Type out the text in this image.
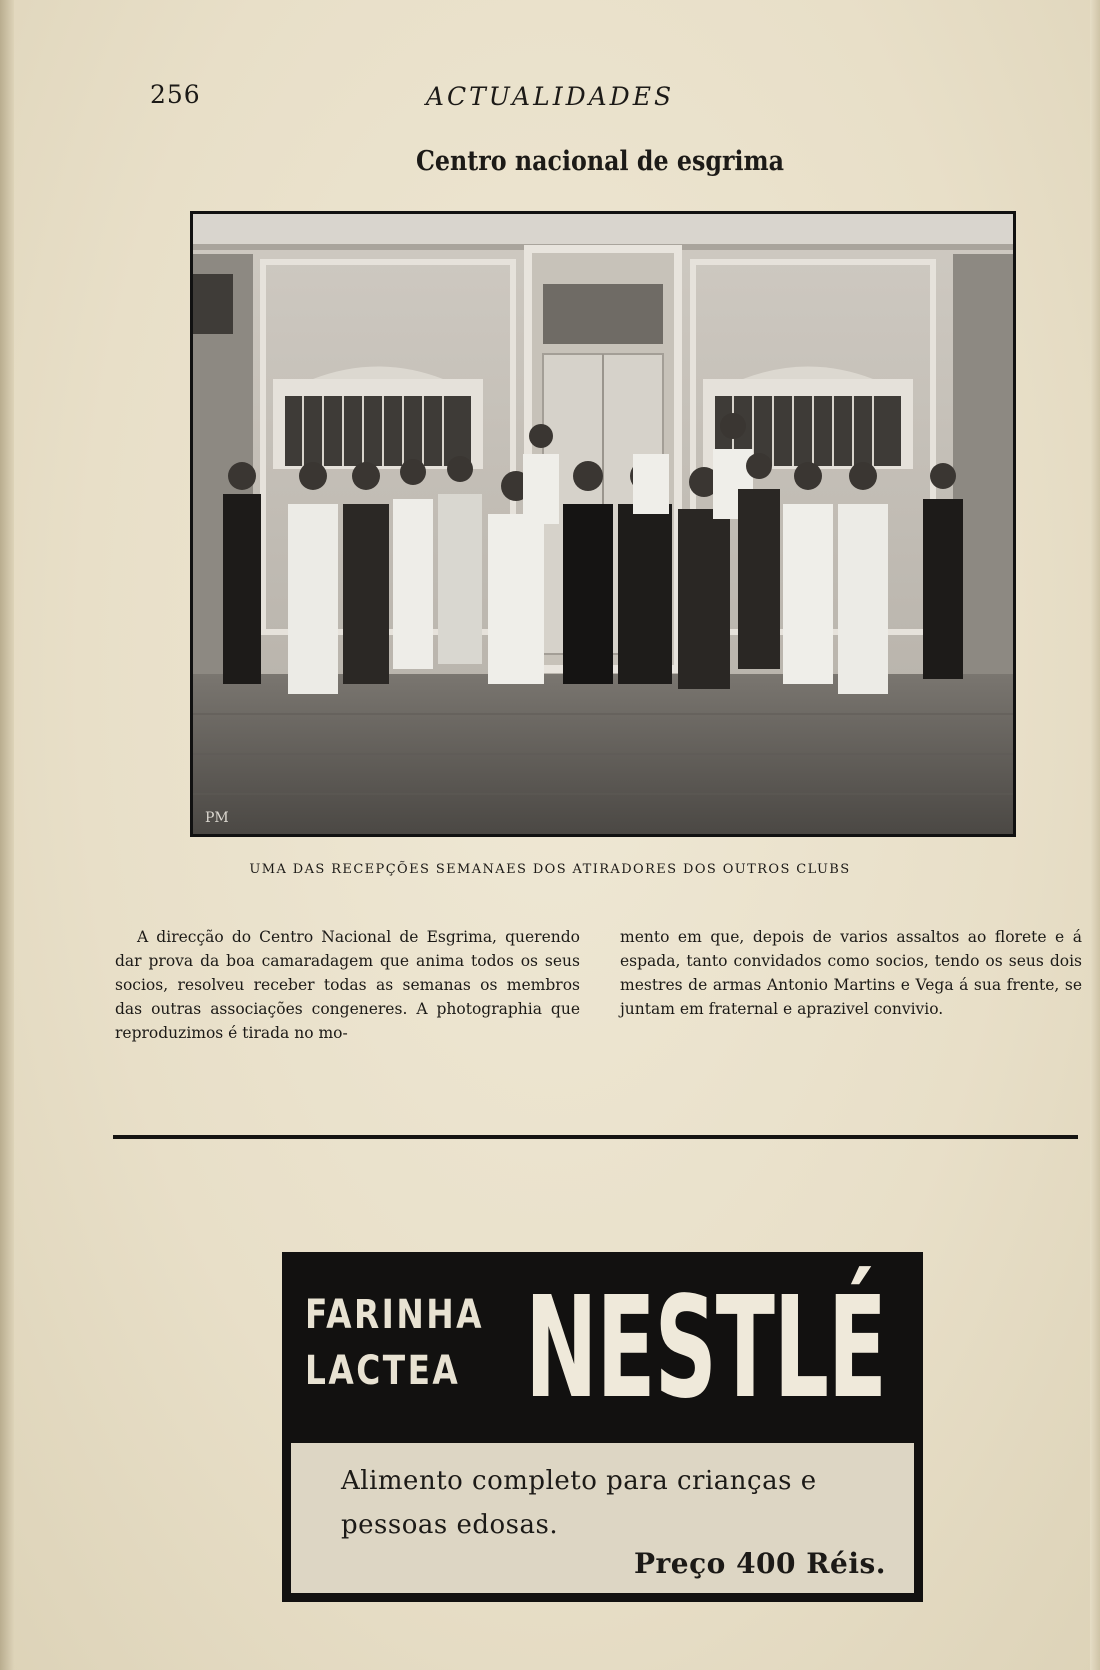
256	ACTUALIDADES
Centro nacional de esgrima
PM
UMA DAS RECEPÇÕES SEMANAES DOS ATIRADORES DOS OUTROS CLUBS

A direcção do Centro Nacional de Esgrima, querendo dar prova da boa camaradagem que anima todos os seus socios, resolveu receber todas as semanas os membros das outras associações congeneres. A photographia que reproduzimos é tirada no mo-

mento em que, depois de varios assaltos ao florete e á espada, tanto convidados como socios, tendo os seus dois mestres de armas Antonio Martins e Vega á sua frente, se juntam em fraternal e aprazivel convivio.

FARINHA
LACTEA NESTLÉ
Alimento completo para crianças e pessoas edosas.
Preço 400 Réis.
